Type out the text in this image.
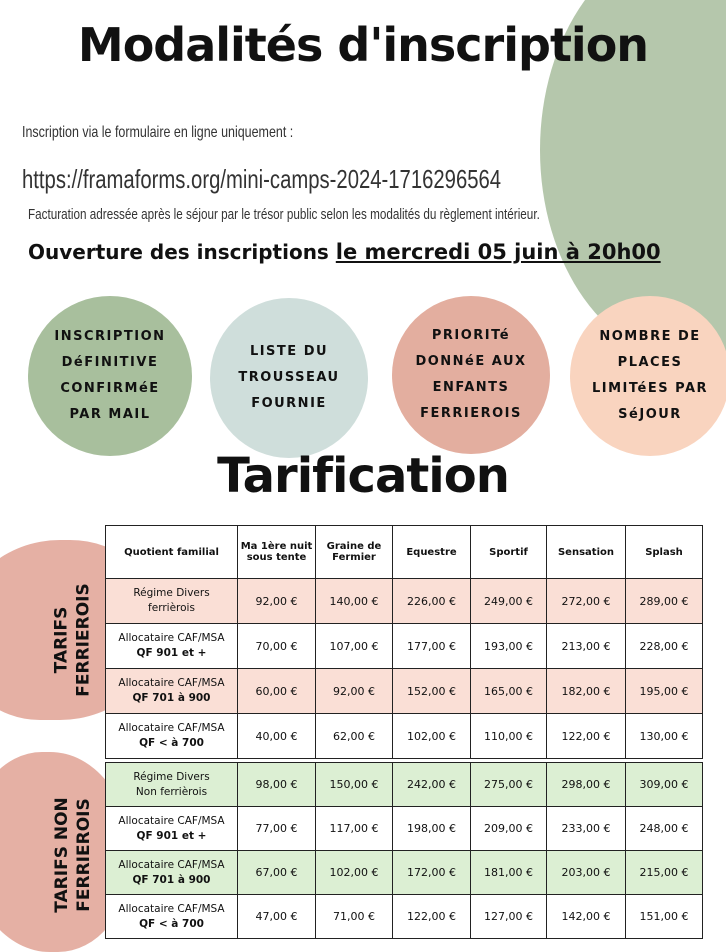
Modalités d'inscription
Inscription via le formulaire en ligne uniquement :
https://framaforms.org/mini-camps-2024-1716296564
Facturation adressée après le séjour par le trésor public selon les modalités du règlement intérieur.
Ouverture des inscriptions le mercredi 05 juin à 20h00
INSCRIPTION DéFINITIVE CONFIRMéE PAR MAIL
LISTE DU TROUSSEAU FOURNIE
PRIORITé DONNéE AUX ENFANTS FERRIEROIS
NOMBRE DE PLACES LIMITéES PAR SéJOUR
Tarification
TARIFS FERRIEROIS
TARIFS NON FERRIEROIS
Quotient familial	Ma 1ère nuit sous tente	Graine de Fermier	Equestre	Sportif	Sensation	Splash

Régime Divers
ferrièrois	92,00 €	140,00 €	226,00 €	249,00 €	272,00 €	289,00 €

Allocataire CAF/MSA
QF 901 et +	70,00 €	107,00 €	177,00 €	193,00 €	213,00 €	228,00 €

Allocataire CAF/MSA
QF 701 à 900	60,00 €	92,00 €	152,00 €	165,00 €	182,00 €	195,00 €

Allocataire CAF/MSA
QF < à 700	40,00 €	62,00 €	102,00 €	110,00 €	122,00 €	130,00 €
Régime Divers
Non ferrièrois	98,00 €	150,00 €	242,00 €	275,00 €	298,00 €	309,00 €

Allocataire CAF/MSA
QF 901 et +	77,00 €	117,00 €	198,00 €	209,00 €	233,00 €	248,00 €

Allocataire CAF/MSA
QF 701 à 900	67,00 €	102,00 €	172,00 €	181,00 €	203,00 €	215,00 €

Allocataire CAF/MSA
QF < à 700	47,00 €	71,00 €	122,00 €	127,00 €	142,00 €	151,00 €
